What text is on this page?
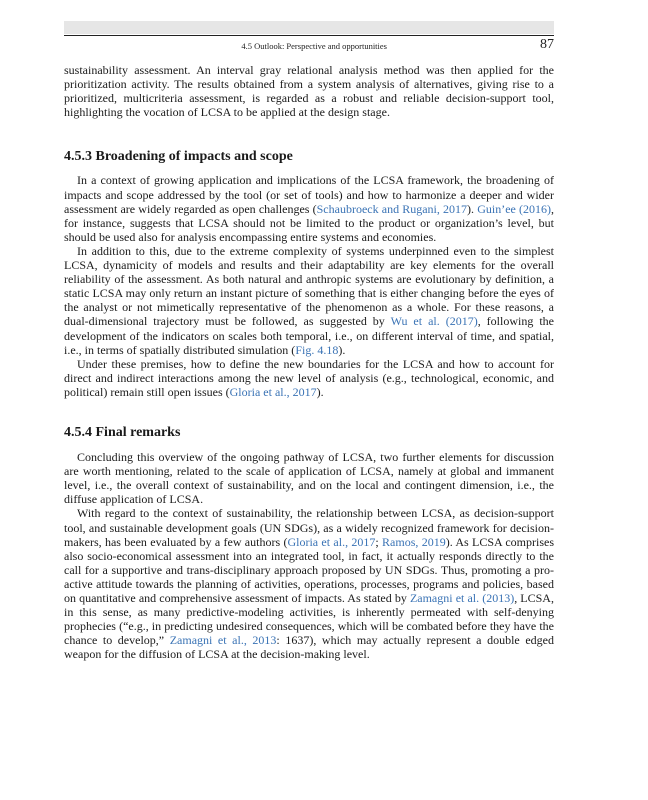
4.5 Outlook: Perspective and opportunities	87

sustainability assessment. An interval gray relational analysis method was then applied for the prioritization activity. The results obtained from a system analysis of alternatives, giving rise to a prioritized, multicriteria assessment, is regarded as a robust and reliable decision-support tool, highlighting the vocation of LCSA to be applied at the design stage.

4.5.3 Broadening of impacts and scope

In a context of growing application and implications of the LCSA framework, the broadening of impacts and scope addressed by the tool (or set of tools) and how to harmonize a deeper and wider assessment are widely regarded as open challenges (Schaubroeck and Rugani, 2017). Guin’ee (2016), for instance, suggests that LCSA should not be limited to the product or organization’s level, but should be used also for analysis encompassing entire systems and economies.

In addition to this, due to the extreme complexity of systems underpinned even to the simplest LCSA, dynamicity of models and results and their adaptability are key elements for the overall reliability of the assessment. As both natural and anthropic systems are evolutionary by definition, a static LCSA may only return an instant picture of something that is either changing before the eyes of the analyst or not mimetically representative of the phenomenon as a whole. For these reasons, a dual-dimensional trajectory must be followed, as suggested by Wu et al. (2017), following the development of the indicators on scales both temporal, i.e., on different interval of time, and spatial, i.e., in terms of spatially distributed simulation (Fig. 4.18).

Under these premises, how to define the new boundaries for the LCSA and how to account for direct and indirect interactions among the new level of analysis (e.g., technological, economic, and political) remain still open issues (Gloria et al., 2017).

4.5.4 Final remarks

Concluding this overview of the ongoing pathway of LCSA, two further elements for discussion are worth mentioning, related to the scale of application of LCSA, namely at global and immanent level, i.e., the overall context of sustainability, and on the local and contingent dimension, i.e., the diffuse application of LCSA.

With regard to the context of sustainability, the relationship between LCSA, as decision-support tool, and sustainable development goals (UN SDGs), as a widely recognized framework for decision-makers, has been evaluated by a few authors (Gloria et al., 2017; Ramos, 2019). As LCSA comprises also socio-economical assessment into an integrated tool, in fact, it actually responds directly to the call for a supportive and trans-disciplinary approach proposed by UN SDGs. Thus, promoting a pro-active attitude towards the planning of activities, operations, processes, programs and policies, based on quantitative and comprehensive assessment of impacts. As stated by Zamagni et al. (2013), LCSA, in this sense, as many predictive-modeling activities, is inherently permeated with self-denying prophecies (“e.g., in predicting undesired consequences, which will be combated before they have the chance to develop,” Zamagni et al., 2013: 1637), which may actually represent a double edged weapon for the diffusion of LCSA at the decision-making level.
